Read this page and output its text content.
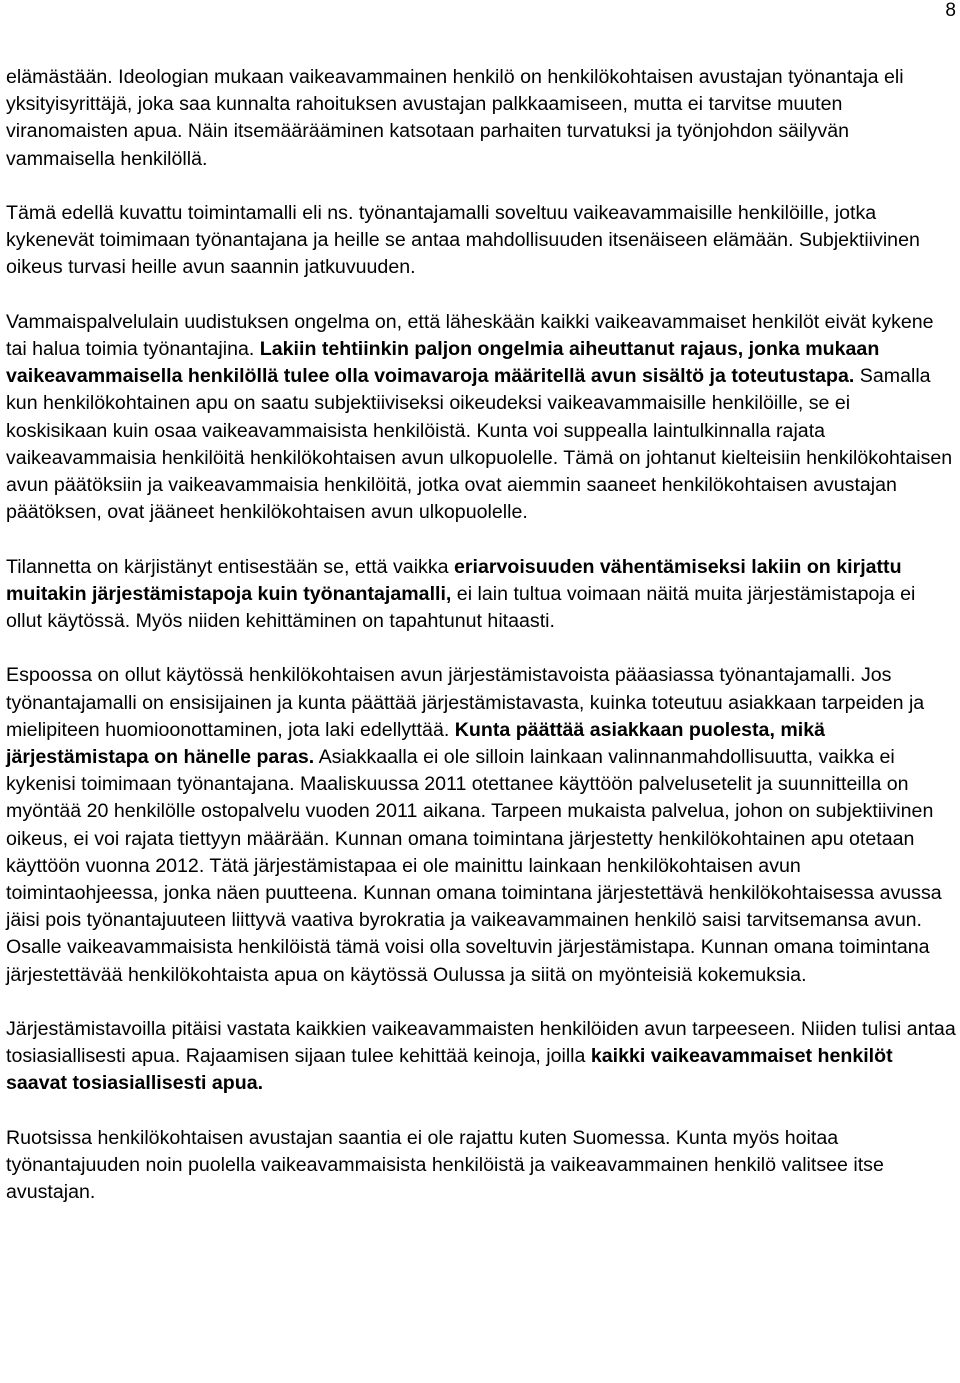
8

elämästään. Ideologian mukaan vaikeavammainen henkilö on henkilökohtaisen avustajan työnantaja eli yksityisyrittäjä, joka saa kunnalta rahoituksen avustajan palkkaamiseen, mutta ei tarvitse muuten viranomaisten apua. Näin itsemäärääminen katsotaan parhaiten turvatuksi ja työnjohdon säilyvän vammaisella henkilöllä.

Tämä edellä kuvattu toimintamalli eli ns. työnantajamalli soveltuu vaikeavammaisille henkilöille, jotka kykenevät toimimaan työnantajana ja heille se antaa mahdollisuuden itsenäiseen elämään. Subjektiivinen oikeus turvasi heille avun saannin jatkuvuuden.

Vammaispalvelulain uudistuksen ongelma on, että läheskään kaikki vaikeavammaiset henkilöt eivät kykene tai halua toimia työnantajina. Lakiin tehtiinkin paljon ongelmia aiheuttanut rajaus, jonka mukaan vaikeavammaisella henkilöllä tulee olla voimavaroja määritellä avun sisältö ja toteutustapa. Samalla kun henkilökohtainen apu on saatu subjektiiviseksi oikeudeksi vaikeavammaisille henkilöille, se ei koskisikaan kuin osaa vaikeavammaisista henkilöistä. Kunta voi suppealla laintulkinnalla rajata vaikeavammaisia henkilöitä henkilökohtaisen avun ulkopuolelle. Tämä on johtanut kielteisiin henkilökohtaisen avun päätöksiin ja vaikeavammaisia henkilöitä, jotka ovat aiemmin saaneet henkilökohtaisen avustajan päätöksen, ovat jääneet henkilökohtaisen avun ulkopuolelle.

Tilannetta on kärjistänyt entisestään se, että vaikka eriarvoisuuden vähentämiseksi lakiin on kirjattu muitakin järjestämistapoja kuin työnantajamalli, ei lain tultua voimaan näitä muita järjestämistapoja ei ollut käytössä. Myös niiden kehittäminen on tapahtunut hitaasti.

Espoossa on ollut käytössä henkilökohtaisen avun järjestämistavoista pääasiassa työnantajamalli. Jos työnantajamalli on ensisijainen ja kunta päättää järjestämistavasta, kuinka toteutuu asiakkaan tarpeiden ja mielipiteen huomioonottaminen, jota laki edellyttää. Kunta päättää asiakkaan puolesta, mikä järjestämistapa on hänelle paras. Asiakkaalla ei ole silloin lainkaan valinnanmahdollisuutta, vaikka ei kykenisi toimimaan työnantajana. Maaliskuussa 2011 otettanee käyttöön palvelusetelit ja suunnitteilla on myöntää 20 henkilölle ostopalvelu vuoden 2011 aikana. Tarpeen mukaista palvelua, johon on subjektiivinen oikeus, ei voi rajata tiettyyn määrään. Kunnan omana toimintana järjestetty henkilökohtainen apu otetaan käyttöön vuonna 2012. Tätä järjestämistapaa ei ole mainittu lainkaan henkilökohtaisen avun toimintaohjeessa, jonka näen puutteena. Kunnan omana toimintana järjestettävä henkilökohtaisessa avussa jäisi pois työnantajuuteen liittyvä vaativa byrokratia ja vaikeavammainen henkilö saisi tarvitsemansa avun. Osalle vaikeavammaisista henkilöistä tämä voisi olla soveltuvin järjestämistapa. Kunnan omana toimintana järjestettävää henkilökohtaista apua on käytössä Oulussa ja siitä on myönteisiä kokemuksia.

Järjestämistavoilla pitäisi vastata kaikkien vaikeavammaisten henkilöiden avun tarpeeseen. Niiden tulisi antaa tosiasiallisesti apua. Rajaamisen sijaan tulee kehittää keinoja, joilla kaikki vaikeavammaiset henkilöt saavat tosiasiallisesti apua.

Ruotsissa henkilökohtaisen avustajan saantia ei ole rajattu kuten Suomessa. Kunta myös hoitaa työnantajuuden noin puolella vaikeavammaisista henkilöistä ja vaikeavammainen henkilö valitsee itse avustajan.
